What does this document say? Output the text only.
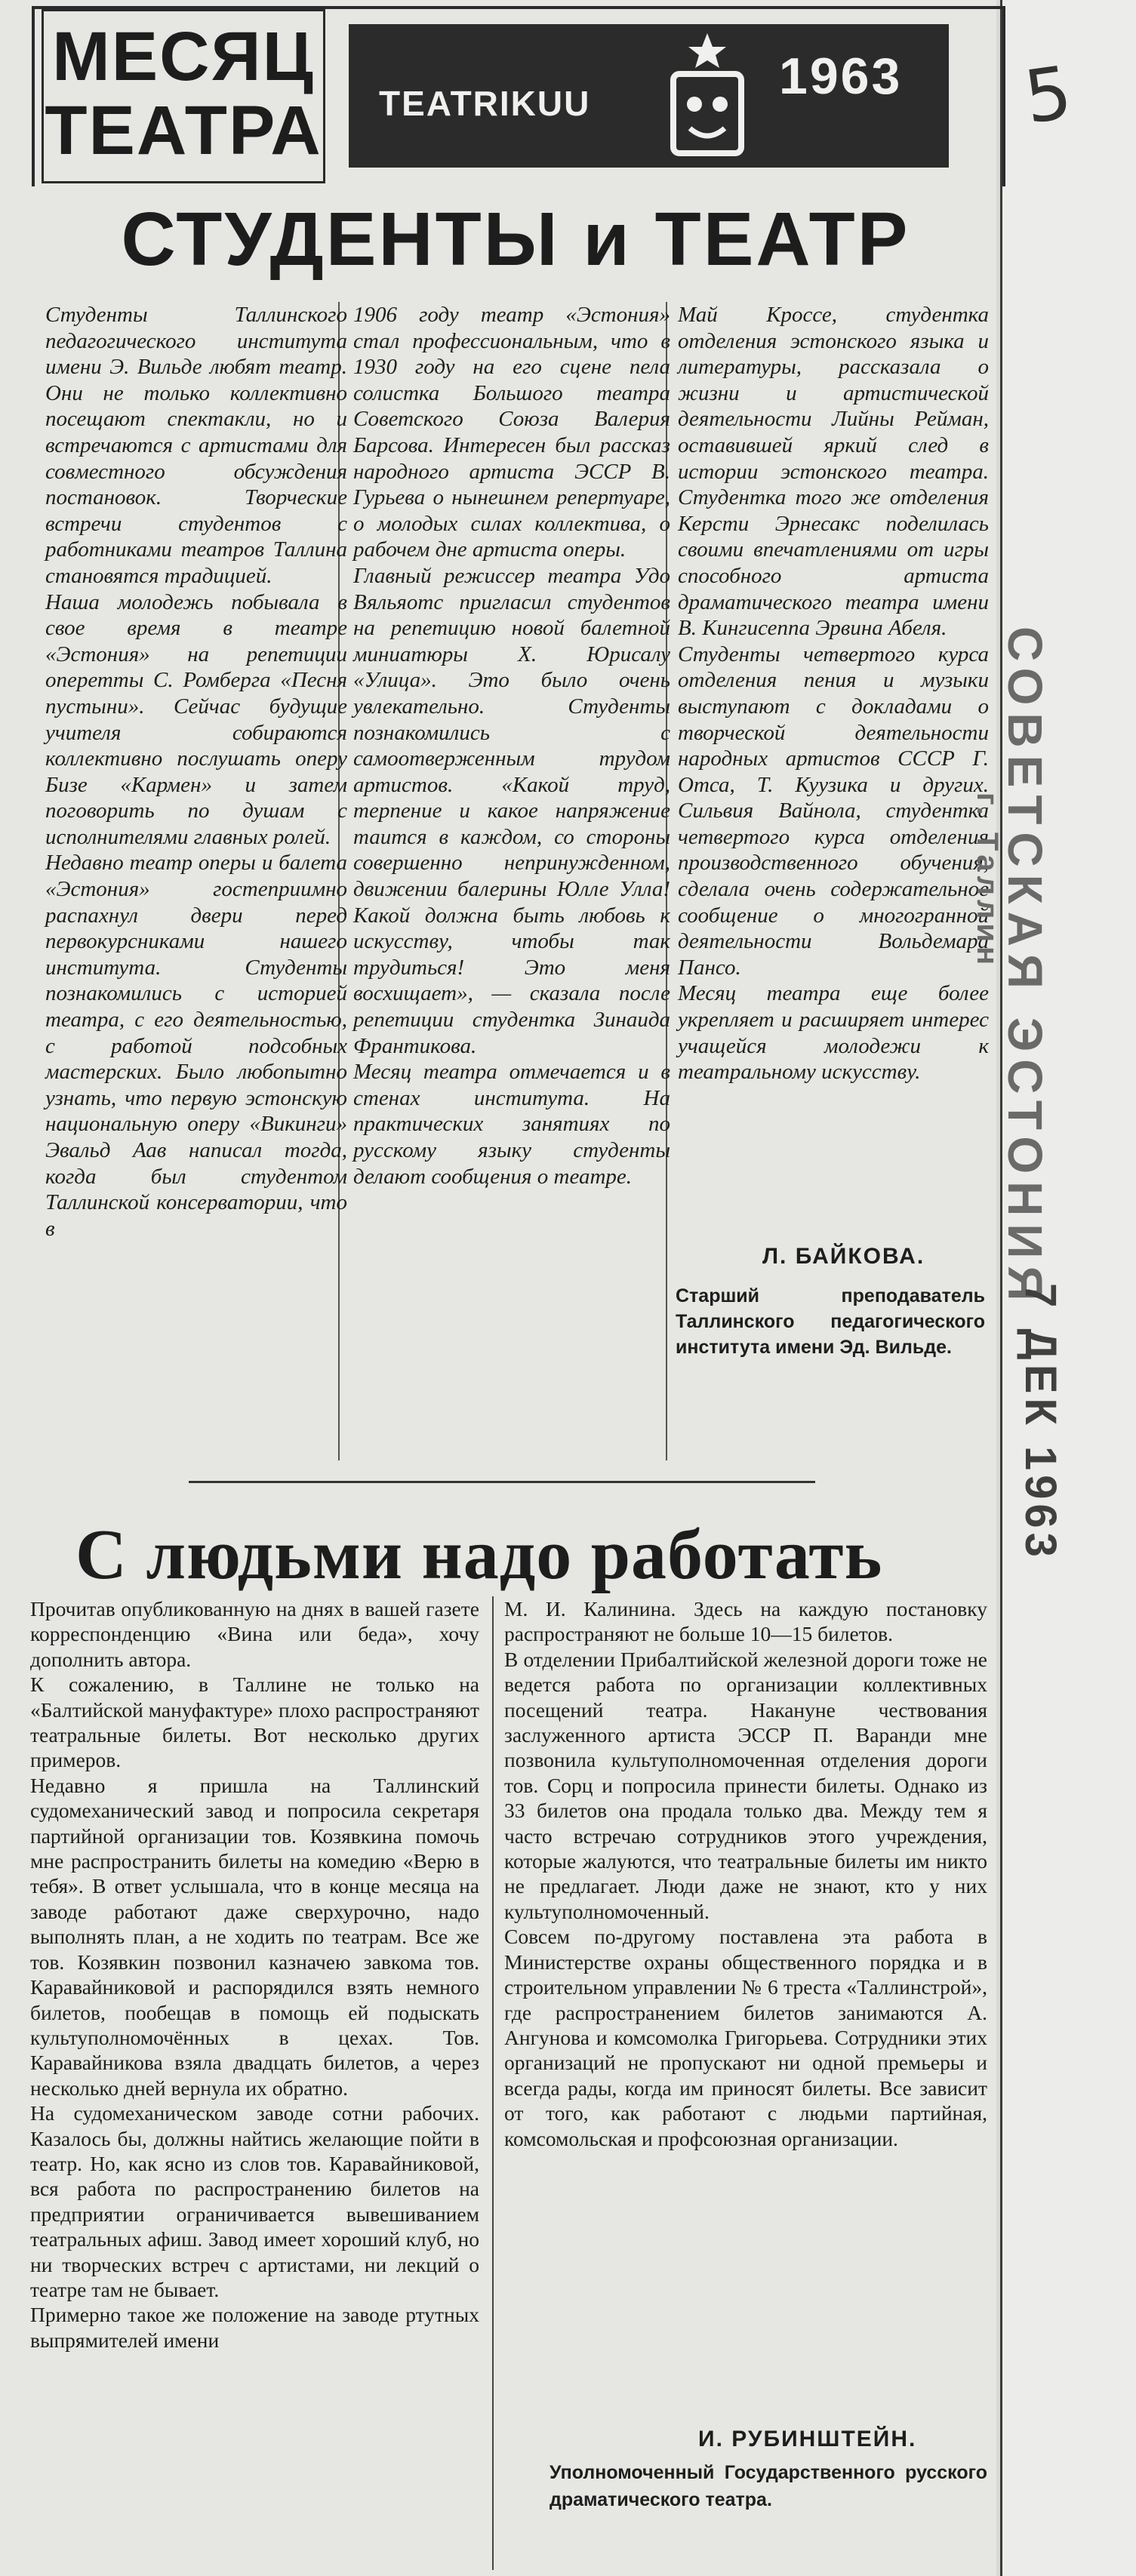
МЕСЯЦ
ТЕАТРА TEATRIKUU	1963
СТУДЕНТЫ и ТЕАТР
Студенты Таллинского педагогического института имени Э. Вильде любят театр. Они не только коллективно посещают спектакли, но и встречаются с артистами для совместного обсуждения постановок. Творческие встречи студентов с работниками театров Таллина становятся традицией.
Наша молодежь побывала в свое время в театре «Эстония» на репетиции оперетты С. Ромберга «Песня пустыни». Сейчас будущие учителя собираются коллективно послушать оперу Бизе «Кармен» и затем поговорить по душам с исполнителями главных ролей.
Недавно театр оперы и балета «Эстония» гостеприимно распахнул двери перед первокурсниками нашего института. Студенты познакомились с историей театра, с его деятельностью, с работой подсобных мастерских. Было любопытно узнать, что первую эстонскую национальную оперу «Викинги» Эвальд Аав написал тогда, когда был студентом Таллинской консерватории, что в
1906 году театр «Эстония» стал профессиональным, что в 1930 году на его сцене пела солистка Большого театра Советского Союза Валерия Барсова. Интересен был рассказ народного артиста ЭССР В. Гурьева о нынешнем репертуаре, о молодых силах коллектива, о рабочем дне артиста оперы.
Главный режиссер театра Удо Вяльяотс пригласил студентов на репетицию новой балетной миниатюры Х. Юрисалу «Улица». Это было очень увлекательно. Студенты познакомились с самоотверженным трудом артистов. «Какой труд, терпение и какое напряжение таится в каждом, со стороны совершенно непринужденном, движении балерины Юлле Улла! Какой должна быть любовь к искусству, чтобы так трудиться! Это меня восхищает», — сказала после репетиции студентка Зинаида Франтикова.
Месяц театра отмечается и в стенах института. На практических занятиях по русскому языку студенты делают сообщения о театре.
Май Кроссе, студентка отделения эстонского языка и литературы, рассказала о жизни и артистической деятельности Лийны Рейман, оставившей яркий след в истории эстонского театра. Студентка того же отделения Керсти Эрнесакс поделилась своими впечатлениями от игры способного артиста драматического театра имени В. Кингисеппа Эрвина Абеля.
Студенты четвертого курса отделения пения и музыки выступают с докладами о творческой деятельности народных артистов СССР Г. Отса, Т. Куузика и других. Сильвия Вайнола, студентка четвертого курса отделения производственного обучения, сделала очень содержательное сообщение о многогранной деятельности Вольдемара Пансо.
Месяц театра еще более укрепляет и расширяет интерес учащейся молодежи к театральному искусству.
Л. БАЙКОВА.
Старший преподаватель Таллинского педагогического института имени Эд. Вильде.
С людьми надо работать
Прочитав опубликованную на днях в вашей газете корреспонденцию «Вина или беда», хочу дополнить автора.
К сожалению, в Таллине не только на «Балтийской мануфактуре» плохо распространяют театральные билеты. Вот несколько других примеров.
Недавно я пришла на Таллинский судомеханический завод и попросила секретаря партийной организации тов. Козявкина помочь мне распространить билеты на комедию «Верю в тебя». В ответ услышала, что в конце месяца на заводе работают даже сверхурочно, надо выполнять план, а не ходить по театрам. Все же тов. Козявкин позвонил казначею завкома тов. Каравайниковой и распорядился взять немного билетов, пообещав в помощь ей подыскать культуполномочённых в цехах. Тов. Каравайникова взяла двадцать билетов, а через несколько дней вернула их обратно.
На судомеханическом заводе сотни рабочих. Казалось бы, должны найтись желающие пойти в театр. Но, как ясно из слов тов. Каравайниковой, вся работа по распространению билетов на предприятии ограничивается вывешиванием театральных афиш. Завод имеет хороший клуб, но ни творческих встреч с артистами, ни лекций о театре там не бывает.
Примерно такое же положение на заводе ртутных выпрямителей имени
М. И. Калинина. Здесь на каждую постановку распространяют не больше 10—15 билетов.
В отделении Прибалтийской железной дороги тоже не ведется работа по организации коллективных посещений театра. Накануне чествования заслуженного артиста ЭССР П. Варанди мне позвонила культуполномоченная отделения дороги тов. Сорц и попросила принести билеты. Однако из 33 билетов она продала только два. Между тем я часто встречаю сотрудников этого учреждения, которые жалуются, что театральные билеты им никто не предлагает. Люди даже не знают, кто у них культуполномоченный.
Совсем по-другому поставлена эта работа в Министерстве охраны общественного порядка и в строительном управлении № 6 треста «Таллинстрой», где распространением билетов занимаются А. Ангунова и комсомолка Григорьева. Сотрудники этих организаций не пропускают ни одной премьеры и всегда рады, когда им приносят билеты. Все зависит от того, как работают с людьми партийная, комсомольская и профсоюзная организации.
И. РУБИНШТЕЙН.
Уполномоченный Государственного русского драматического театра.
5
СОВЕТСКАЯ ЭСТОНИЯ
г. Таллин
7 ДЕК 1963
